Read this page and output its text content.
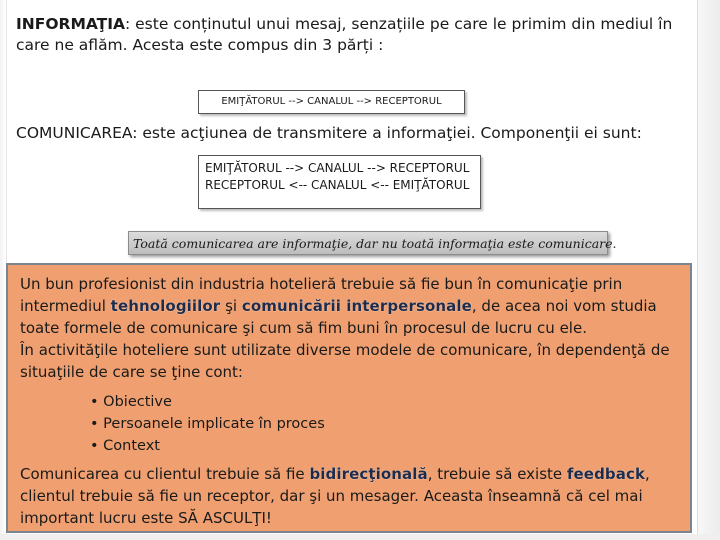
INFORMAŢIA: este conținutul unui mesaj, senzațiile pe care le primim din mediul în care ne aflăm. Acesta este compus din 3 părți :

EMIŢĂTORUL --> CANALUL --> RECEPTORUL

COMUNICAREA: este acţiunea de transmitere a informaţiei. Componenţii ei sunt:

EMIŢĂTORUL --> CANALUL --> RECEPTORUL
RECEPTORUL <-- CANALUL <-- EMIŢĂTORUL
Toată comunicarea are informaţie, dar nu toată informaţia este comunicare.

Un bun profesionist din industria hotelieră trebuie să fie bun în comunicaţie prin intermediul tehnologiilor şi comunicării interpersonale, de acea noi vom studia toate formele de comunicare şi cum să fim buni în procesul de lucru cu ele.
În activităţile hoteliere sunt utilizate diverse modele de comunicare, în dependenţă de situaţiile de care se ţine cont:

• Obiective
• Persoanele implicate în proces
• Context

Comunicarea cu clientul trebuie să fie bidirecţională, trebuie să existe feedback, clientul trebuie să fie un receptor, dar şi un mesager. Aceasta înseamnă că cel mai important lucru este SĂ ASCULŢI!
